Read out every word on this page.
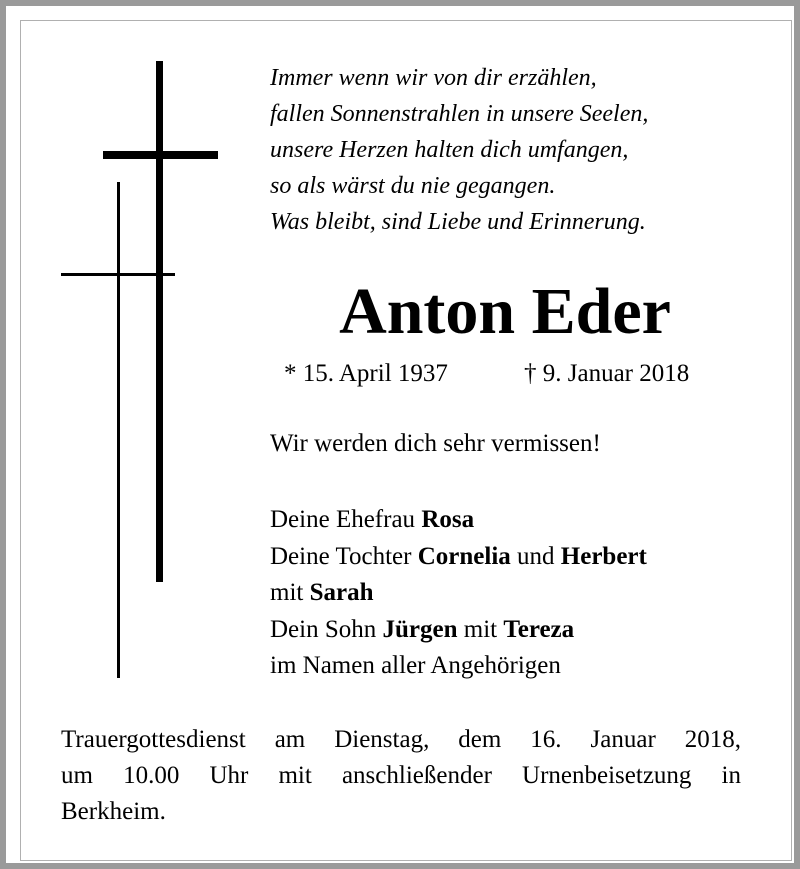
Immer wenn wir von dir erzählen,
fallen Sonnenstrahlen in unsere Seelen,
unsere Herzen halten dich umfangen,
so als wärst du nie gegangen.
Was bleibt, sind Liebe und Erinnerung.
Anton Eder
* 15. April 1937	† 9. Januar 2018
Wir werden dich sehr vermissen!
Deine Ehefrau Rosa
Deine Tochter Cornelia und Herbert
mit Sarah
Dein Sohn Jürgen mit Tereza
im Namen aller Angehörigen
Trauergottesdienst am Dienstag, dem 16. Januar 2018,
um 10.00 Uhr mit anschließender Urnenbeisetzung in
Berkheim.
